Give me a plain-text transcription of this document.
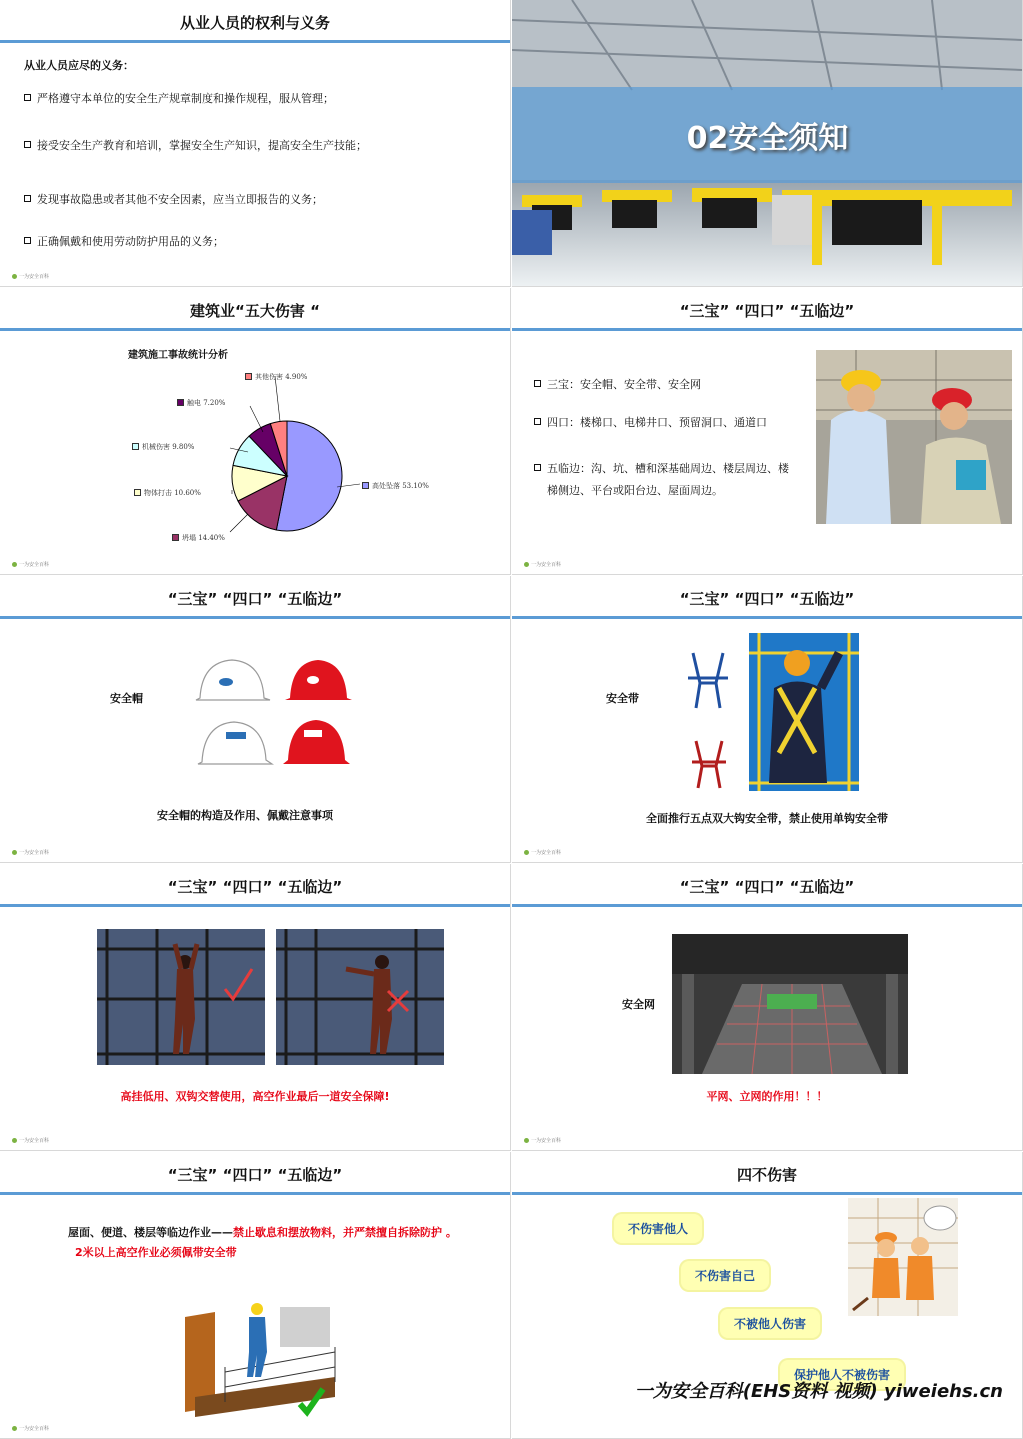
从业人员的权利与义务
从业人员应尽的义务：
严格遵守本单位的安全生产规章制度和操作规程，服从管理；
接受安全生产教育和培训，掌握安全生产知识，提高安全生产技能；
发现事故隐患或者其他不安全因素，应当立即报告的义务；
正确佩戴和使用劳动防护用品的义务；
一为安全百科
02安全须知
建筑业“五大伤害 “
建筑施工事故统计分析
高处坠落 53.10%
坍塌 14.40%
物体打击 10.60%
机械伤害 9.80%
触电 7.20%
其他伤害 4.90%
一为安全百科
“三宝” “四口” “五临边”
三宝：安全帽、安全带、安全网
四口：楼梯口、电梯井口、预留洞口、通道口
五临边：沟、坑、槽和深基础周边、楼层周边、楼
梯侧边、平台或阳台边、屋面周边。
一为安全百科
“三宝” “四口” “五临边”
安全帽
安全帽的构造及作用、佩戴注意事项
一为安全百科
“三宝” “四口” “五临边”
安全带
全面推行五点双大钩安全带，禁止使用单钩安全带
一为安全百科
“三宝” “四口” “五临边”
高挂低用、双钩交替使用，高空作业最后一道安全保障!
一为安全百科
“三宝” “四口” “五临边”
安全网
平网、立网的作用！！！
一为安全百科
“三宝” “四口” “五临边”
屋面、便道、楼层等临边作业——禁止歇息和摆放物料，并严禁擅自拆除防护 。
2米以上高空作业必须佩带安全带
一为安全百科
四不伤害
不伤害他人
不伤害自己
不被他人伤害
保护他人不被伤害
一为安全百科(EHS资料 视频) yiweiehs.cn
